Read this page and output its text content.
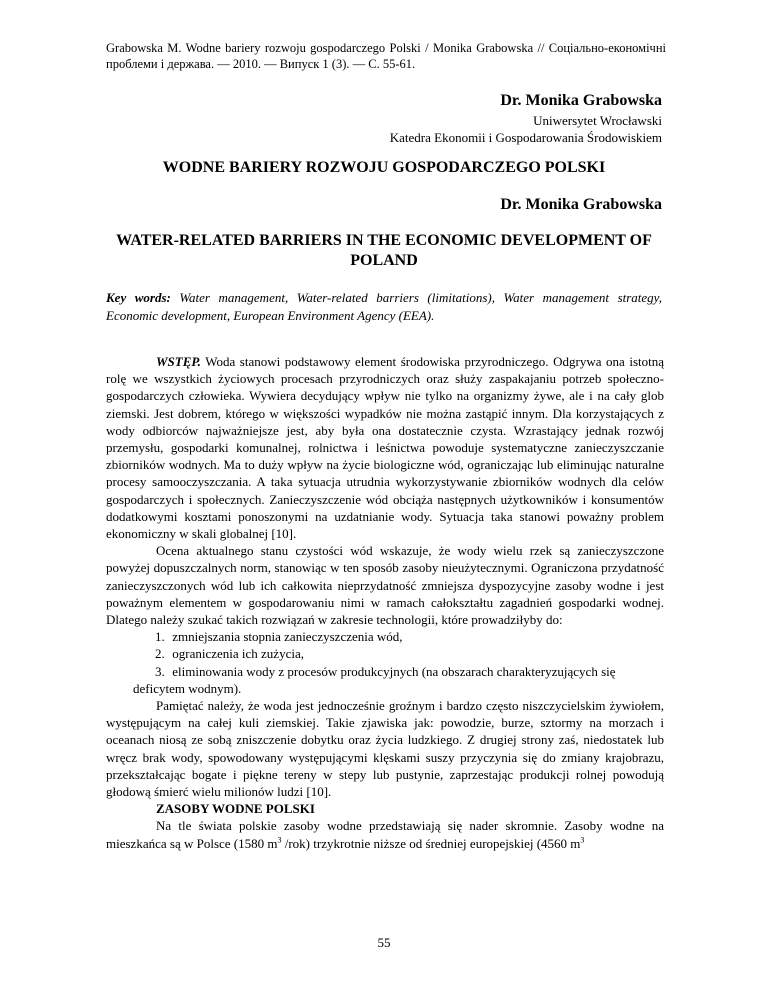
Grabowska M. Wodne bariery rozwoju gospodarczego Polski / Monika Grabowska // Соціально-економічні проблеми і держава. — 2010. — Випуск 1 (3). — С. 55-61.
Dr. Monika Grabowska
Uniwersytet Wrocławski
Katedra Ekonomii i Gospodarowania Środowiskiem
WODNE BARIERY ROZWOJU GOSPODARCZEGO POLSKI
Dr. Monika Grabowska
WATER-RELATED BARRIERS IN THE ECONOMIC DEVELOPMENT OF POLAND
Key words: Water management, Water-related barriers (limitations), Water management strategy, Economic development, European Environment Agency (EEA).

WSTĘP. Woda stanowi podstawowy element środowiska przyrodniczego. Odgrywa ona istotną rolę we wszystkich życiowych procesach przyrodniczych oraz służy zaspakajaniu potrzeb społeczno-gospodarczych człowieka. Wywiera decydujący wpływ nie tylko na organizmy żywe, ale i na cały glob ziemski. Jest dobrem, którego w większości wypadków nie można zastąpić innym. Dla korzystających z wody odbiorców najważniejsze jest, aby była ona dostatecznie czysta. Wzrastający jednak rozwój przemysłu, gospodarki komunalnej, rolnictwa i leśnictwa powoduje systematyczne zanieczyszczanie zbiorników wodnych. Ma to duży wpływ na życie biologiczne wód, ograniczając lub eliminując naturalne procesy samooczyszczania. A taka sytuacja utrudnia wykorzystywanie zbiorników wodnych dla celów gospodarczych i społecznych. Zanieczyszczenie wód obciąża następnych użytkowników i konsumentów dodatkowymi kosztami ponoszonymi na uzdatnianie wody. Sytuacja taka stanowi poważny problem ekonomiczny w skali globalnej [10].

Ocena aktualnego stanu czystości wód wskazuje, że wody wielu rzek są zanieczyszczone powyżej dopuszczalnych norm, stanowiąc w ten sposób zasoby nieużytecznymi. Ograniczona przydatność zanieczyszczonych wód lub ich całkowita nieprzydatność zmniejsza dyspozycyjne zasoby wodne i jest poważnym elementem w gospodarowaniu nimi w ramach całokształtu zagadnień gospodarki wodnej. Dlatego należy szukać takich rozwiązań w zakresie technologii, które prowadziłyby do:

1. zmniejszania stopnia zanieczyszczenia wód,
2. ograniczenia ich zużycia,
3. eliminowania wody z procesów produkcyjnych (na obszarach charakteryzujących się
deficytem wodnym).

Pamiętać należy, że woda jest jednocześnie groźnym i bardzo często niszczycielskim żywiołem, występującym na całej kuli ziemskiej. Takie zjawiska jak: powodzie, burze, sztormy na morzach i oceanach niosą ze sobą zniszczenie dobytku oraz życia ludzkiego. Z drugiej strony zaś, niedostatek lub wręcz brak wody, spowodowany występującymi klęskami suszy przyczynia się do zmiany krajobrazu, przekształcając bogate i piękne tereny w stepy lub pustynie, zaprzestając produkcji rolnej powodują głodową śmierć wielu milionów ludzi [10].

ZASOBY WODNE POLSKI

Na tle świata polskie zasoby wodne przedstawiają się nader skromnie. Zasoby wodne na mieszkańca są w Polsce (1580 $m^3$ /rok) trzykrotnie niższe od średniej europejskiej (4560 $m^3$

55
